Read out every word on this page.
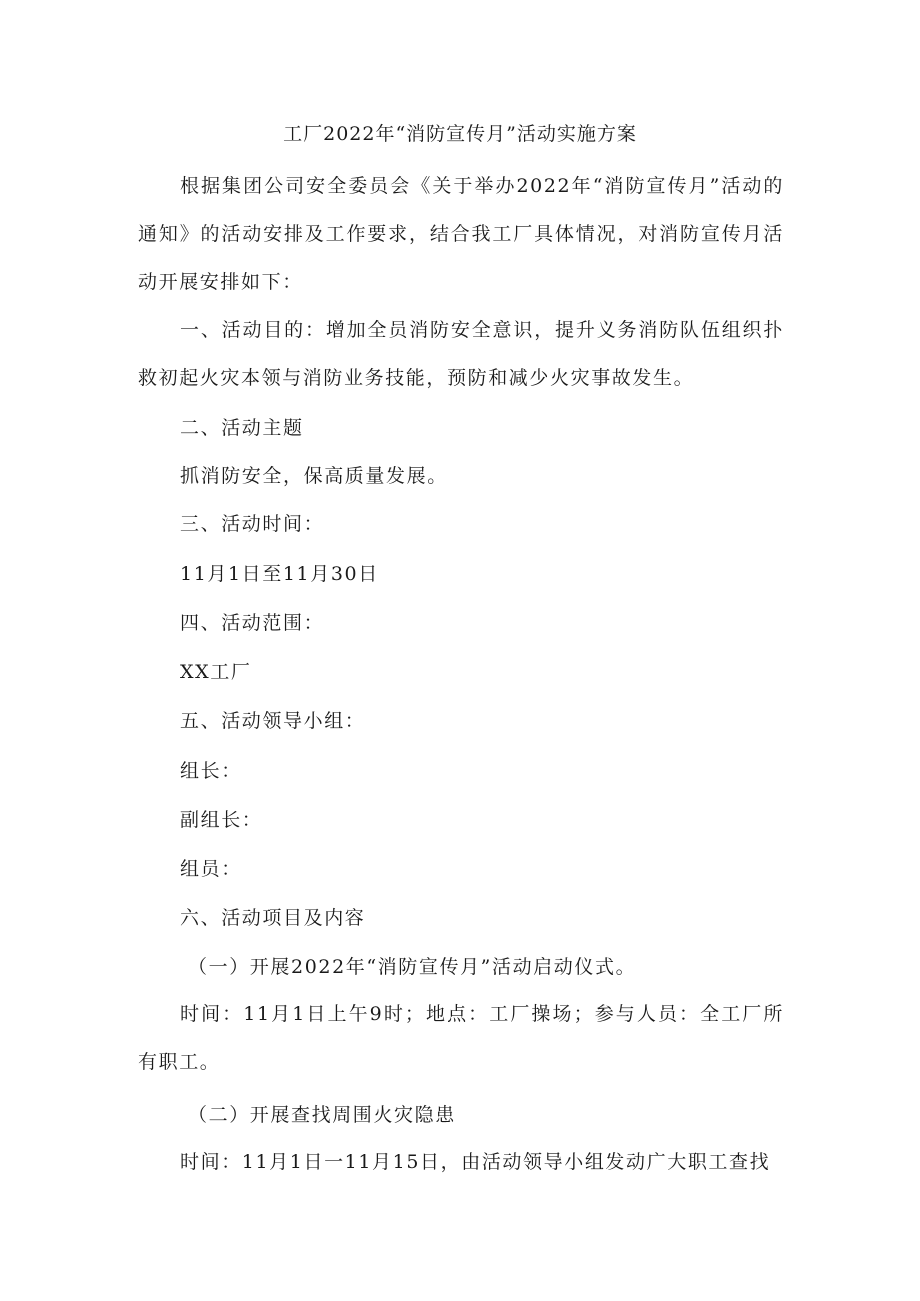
工厂2022年“消防宣传月”活动实施方案
根据集团公司安全委员会《关于举办2022年“消防宣传月”活动的通知》的活动安排及工作要求，结合我工厂具体情况，对消防宣传月活动开展安排如下：
一、活动目的：增加全员消防安全意识，提升义务消防队伍组织扑救初起火灾本领与消防业务技能，预防和减少火灾事故发生。
二、活动主题
抓消防安全，保高质量发展。
三、活动时间：
11月1日至11月30日
四、活动范围：
XX工厂
五、活动领导小组：
组长：
副组长：
组员：
六、活动项目及内容
（一）开展2022年“消防宣传月”活动启动仪式。
时间：11月1日上午9时；地点：工厂操场；参与人员：全工厂所有职工。
（二）开展查找周围火灾隐患
时间：11月1日一11月15日，由活动领导小组发动广大职工查找
